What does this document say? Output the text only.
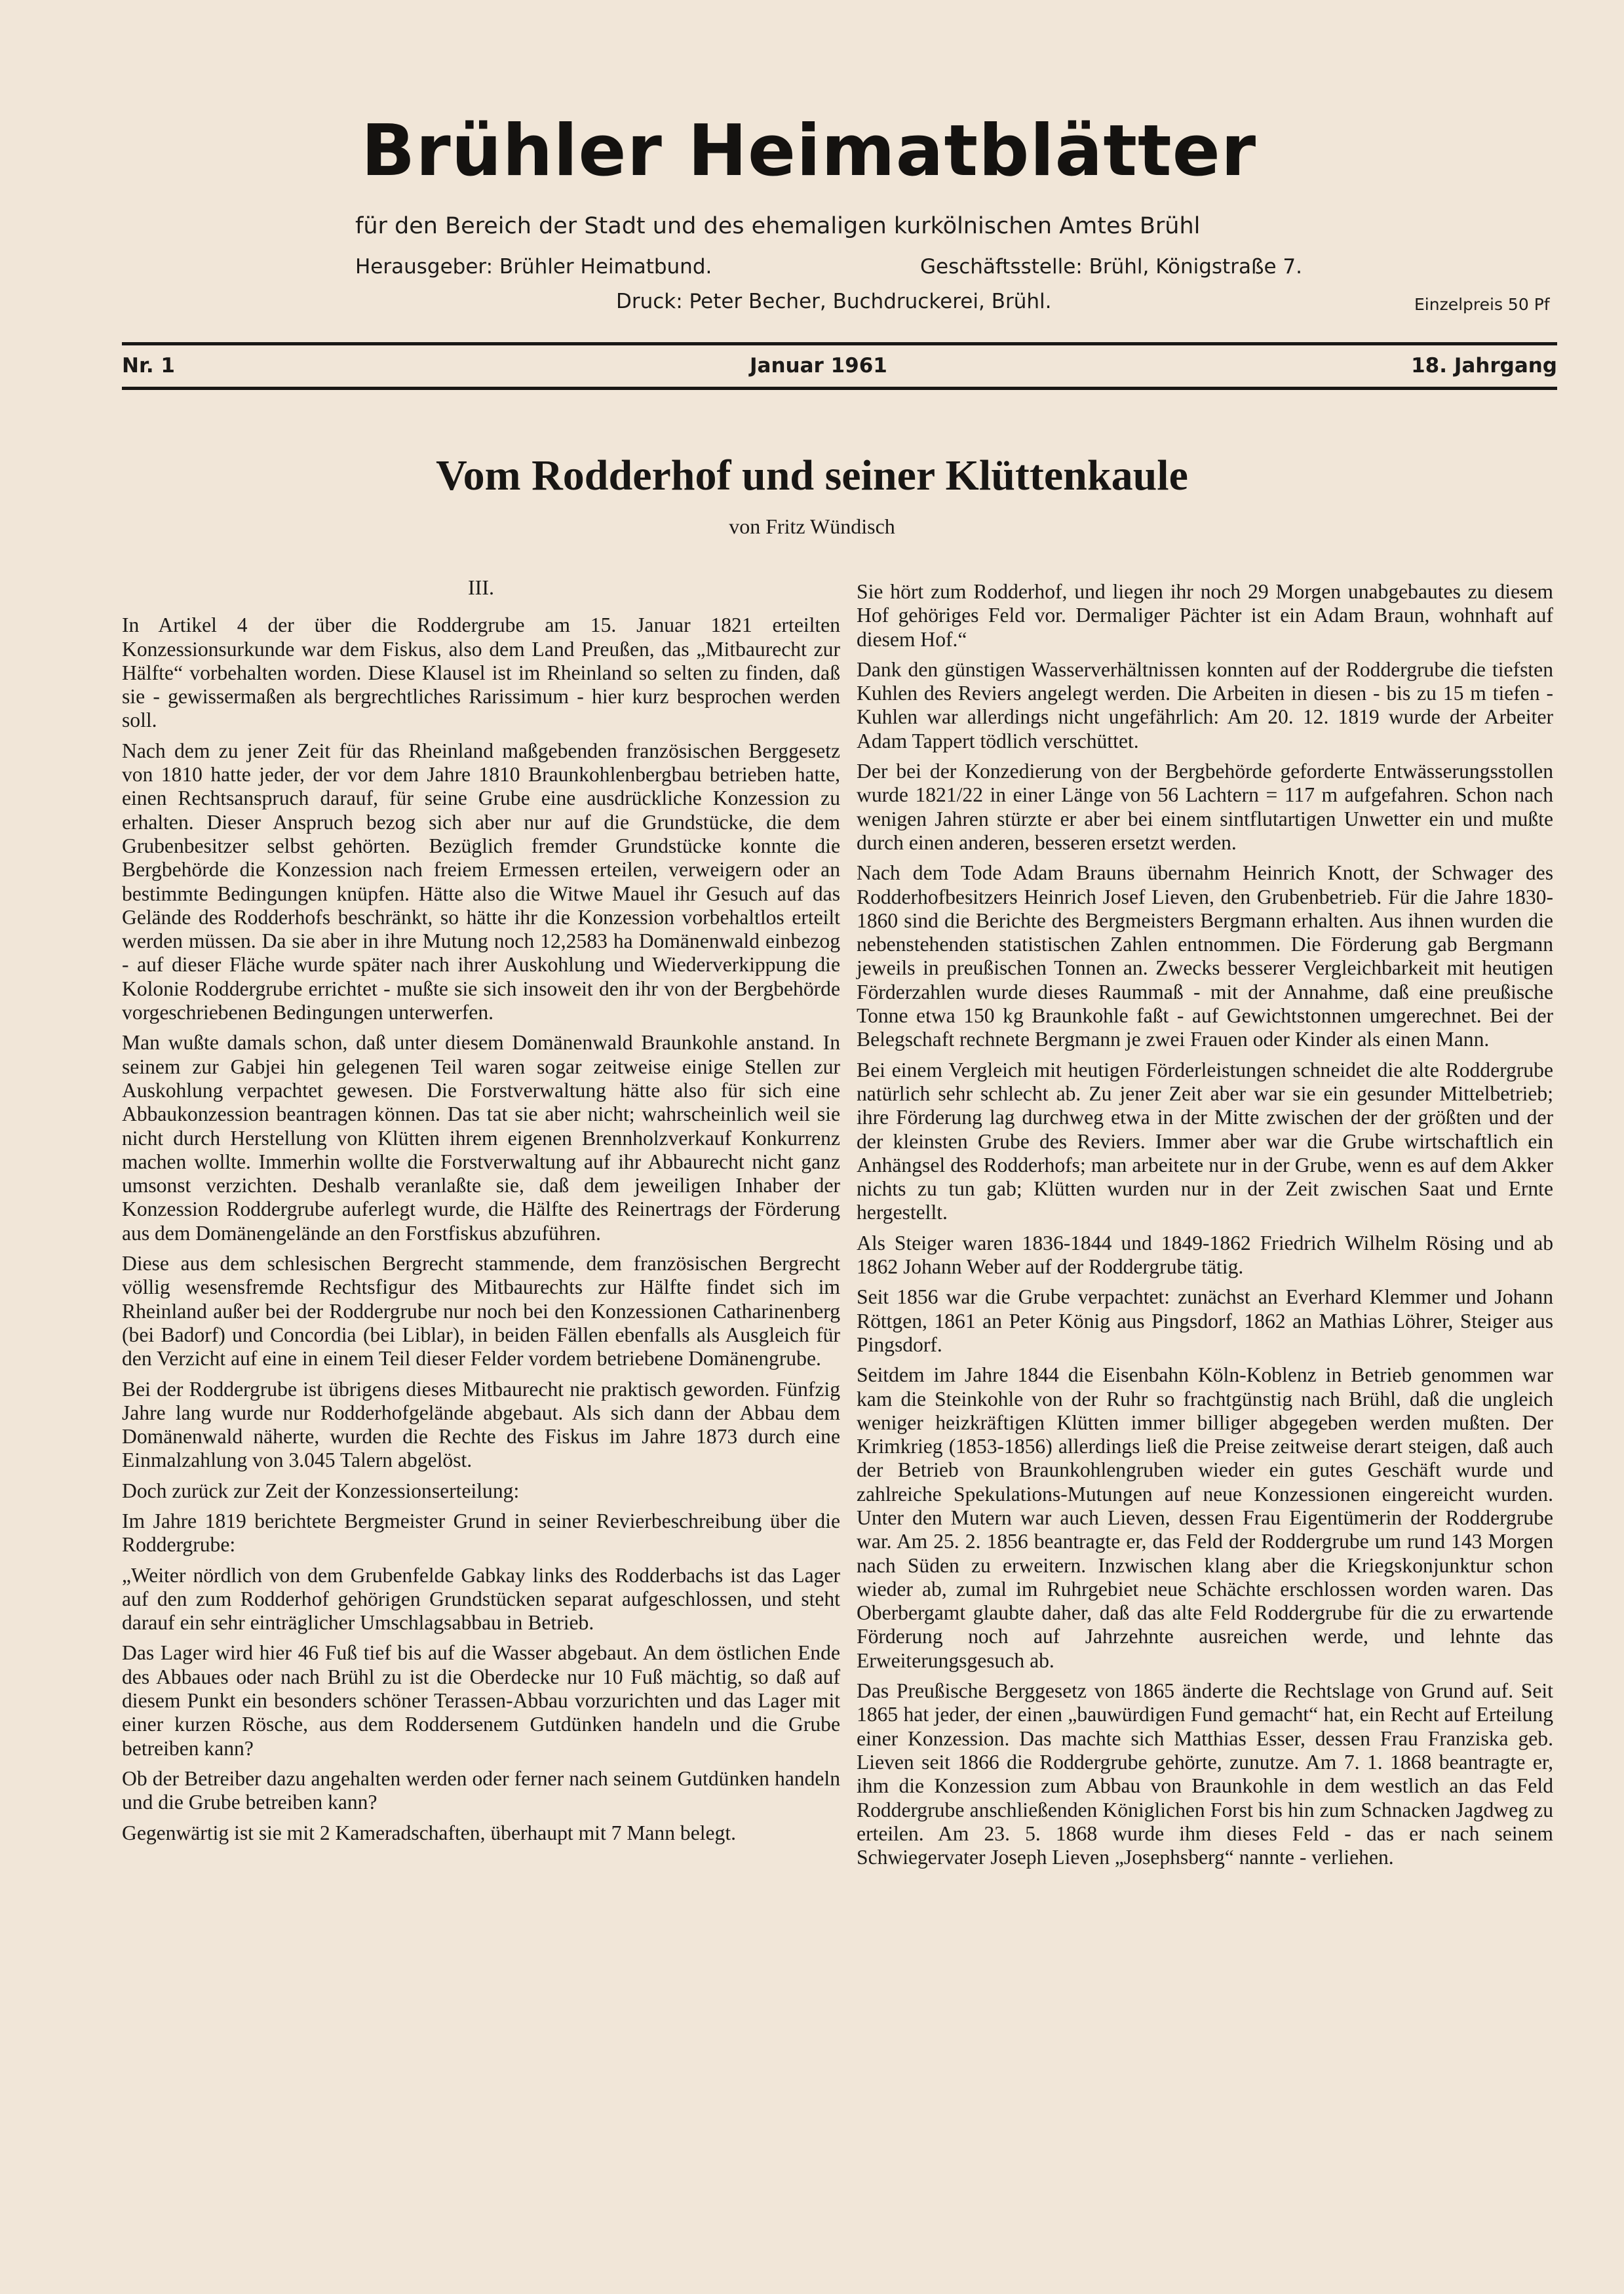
Brühler Heimatblätter
für den Bereich der Stadt und des ehemaligen kurkölnischen Amtes Brühl
Herausgeber: Brühler Heimatbund.	Geschäftsstelle: Brühl, Königstraße 7.
Druck: Peter Becher, Buchdruckerei, Brühl.	Einzelpreis 50 Pf
Nr. 1	Januar 1961	18. Jahrgang
Vom Rodderhof und seiner Klüttenkaule
von Fritz Wündisch
III.

In Artikel 4 der über die Roddergrube am 15. Januar 1821 erteilten Konzessionsurkunde war dem Fiskus, also dem Land Preußen, das „Mitbaurecht zur Hälfte“ vorbehalten worden. Diese Klausel ist im Rheinland so selten zu finden, daß sie - gewissermaßen als bergrechtliches Rarissimum - hier kurz besprochen werden soll.

Nach dem zu jener Zeit für das Rheinland maßgebenden französischen Berggesetz von 1810 hatte jeder, der vor dem Jahre 1810 Braunkohlenbergbau betrieben hatte, einen Rechtsanspruch darauf, für seine Grube eine ausdrückliche Konzession zu erhalten. Dieser Anspruch bezog sich aber nur auf die Grundstücke, die dem Grubenbesitzer selbst gehörten. Bezüglich fremder Grundstücke konnte die Bergbehörde die Konzession nach freiem Ermessen erteilen, verweigern oder an bestimmte Bedingungen knüpfen. Hätte also die Witwe Mauel ihr Gesuch auf das Gelände des Rodderhofs beschränkt, so hätte ihr die Konzession vorbehaltlos erteilt werden müssen. Da sie aber in ihre Mutung noch 12,2583 ha Domänenwald einbezog - auf dieser Fläche wurde später nach ihrer Auskohlung und Wiederverkippung die Kolonie Roddergrube errichtet - mußte sie sich insoweit den ihr von der Bergbehörde vorgeschriebenen Bedingungen unterwerfen.

Man wußte damals schon, daß unter diesem Domänenwald Braunkohle anstand. In seinem zur Gabjei hin gelegenen Teil waren sogar zeitweise einige Stellen zur Auskohlung verpachtet gewesen. Die Forstverwaltung hätte also für sich eine Abbaukonzession beantragen können. Das tat sie aber nicht; wahrscheinlich weil sie nicht durch Herstellung von Klütten ihrem eigenen Brennholzverkauf Konkurrenz machen wollte. Immerhin wollte die Forstverwaltung auf ihr Abbaurecht nicht ganz umsonst verzichten. Deshalb veranlaßte sie, daß dem jeweiligen Inhaber der Konzession Roddergrube auferlegt wurde, die Hälfte des Reinertrags der Förderung aus dem Domänengelände an den Forstfiskus abzuführen.

Diese aus dem schlesischen Bergrecht stammende, dem französischen Bergrecht völlig wesensfremde Rechtsfigur des Mitbaurechts zur Hälfte findet sich im Rheinland außer bei der Roddergrube nur noch bei den Konzessionen Catharinenberg (bei Badorf) und Concordia (bei Liblar), in beiden Fällen ebenfalls als Ausgleich für den Verzicht auf eine in einem Teil dieser Felder vordem betriebene Domänengrube.

Bei der Roddergrube ist übrigens dieses Mitbaurecht nie praktisch geworden. Fünfzig Jahre lang wurde nur Rodderhofgelände abgebaut. Als sich dann der Abbau dem Domänenwald näherte, wurden die Rechte des Fiskus im Jahre 1873 durch eine Einmalzahlung von 3.045 Talern abgelöst.

Doch zurück zur Zeit der Konzessionserteilung:

Im Jahre 1819 berichtete Bergmeister Grund in seiner Revierbeschreibung über die Roddergrube:

„Weiter nördlich von dem Grubenfelde Gabkay links des Rodderbachs ist das Lager auf den zum Rodderhof gehörigen Grundstücken separat aufgeschlossen, und steht darauf ein sehr einträglicher Umschlagsabbau in Betrieb.

Das Lager wird hier 46 Fuß tief bis auf die Wasser abgebaut. An dem östlichen Ende des Abbaues oder nach Brühl zu ist die Oberdecke nur 10 Fuß mächtig, so daß auf diesem Punkt ein besonders schöner Terassen-Abbau vorzurichten und das Lager mit einer kurzen Rösche, aus dem Roddersenem Gutdünken handeln und die Grube betreiben kann?

Ob der Betreiber dazu angehalten werden oder ferner nach seinem Gutdünken handeln und die Grube betreiben kann?

Gegenwärtig ist sie mit 2 Kameradschaften, überhaupt mit 7 Mann belegt.

Sie hört zum Rodderhof, und liegen ihr noch 29 Morgen unabgebautes zu diesem Hof gehöriges Feld vor. Dermaliger Pächter ist ein Adam Braun, wohnhaft auf diesem Hof.“

Dank den günstigen Wasserverhältnissen konnten auf der Roddergrube die tiefsten Kuhlen des Reviers angelegt werden. Die Arbeiten in diesen - bis zu 15 m tiefen - Kuhlen war allerdings nicht ungefährlich: Am 20. 12. 1819 wurde der Arbeiter Adam Tappert tödlich verschüttet.

Der bei der Konzedierung von der Bergbehörde geforderte Entwässerungsstollen wurde 1821/22 in einer Länge von 56 Lachtern = 117 m aufgefahren. Schon nach wenigen Jahren stürzte er aber bei einem sintflutartigen Unwetter ein und mußte durch einen anderen, besseren ersetzt werden.

Nach dem Tode Adam Brauns übernahm Heinrich Knott, der Schwager des Rodderhofbesitzers Heinrich Josef Lieven, den Grubenbetrieb. Für die Jahre 1830-1860 sind die Berichte des Bergmeisters Bergmann erhalten. Aus ihnen wurden die nebenstehenden statistischen Zahlen entnommen. Die Förderung gab Bergmann jeweils in preußischen Tonnen an. Zwecks besserer Vergleichbarkeit mit heutigen Förderzahlen wurde dieses Raummaß - mit der Annahme, daß eine preußische Tonne etwa 150 kg Braunkohle faßt - auf Gewichtstonnen umgerechnet. Bei der Belegschaft rechnete Bergmann je zwei Frauen oder Kinder als einen Mann.

Bei einem Vergleich mit heutigen Förderleistungen schneidet die alte Roddergrube natürlich sehr schlecht ab. Zu jener Zeit aber war sie ein gesunder Mittelbetrieb; ihre Förderung lag durchweg etwa in der Mitte zwischen der der größten und der der kleinsten Grube des Reviers. Immer aber war die Grube wirtschaftlich ein Anhängsel des Rodderhofs; man arbeitete nur in der Grube, wenn es auf dem Akker nichts zu tun gab; Klütten wurden nur in der Zeit zwischen Saat und Ernte hergestellt.

Als Steiger waren 1836-1844 und 1849-1862 Friedrich Wilhelm Rösing und ab 1862 Johann Weber auf der Roddergrube tätig.

Seit 1856 war die Grube verpachtet: zunächst an Everhard Klemmer und Johann Röttgen, 1861 an Peter König aus Pingsdorf, 1862 an Mathias Löhrer, Steiger aus Pingsdorf.

Seitdem im Jahre 1844 die Eisenbahn Köln-Koblenz in Betrieb genommen war kam die Steinkohle von der Ruhr so frachtgünstig nach Brühl, daß die ungleich weniger heizkräftigen Klütten immer billiger abgegeben werden mußten. Der Krimkrieg (1853-1856) allerdings ließ die Preise zeitweise derart steigen, daß auch der Betrieb von Braunkohlengruben wieder ein gutes Geschäft wurde und zahlreiche Spekulations-Mutungen auf neue Konzessionen eingereicht wurden. Unter den Mutern war auch Lieven, dessen Frau Eigentümerin der Roddergrube war. Am 25. 2. 1856 beantragte er, das Feld der Roddergrube um rund 143 Morgen nach Süden zu erweitern. Inzwischen klang aber die Kriegskonjunktur schon wieder ab, zumal im Ruhrgebiet neue Schächte erschlossen worden waren. Das Oberbergamt glaubte daher, daß das alte Feld Roddergrube für die zu erwartende Förderung noch auf Jahrzehnte ausreichen werde, und lehnte das Erweiterungsgesuch ab.

Das Preußische Berggesetz von 1865 änderte die Rechtslage von Grund auf. Seit 1865 hat jeder, der einen „bauwürdigen Fund gemacht“ hat, ein Recht auf Erteilung einer Konzession. Das machte sich Matthias Esser, dessen Frau Franziska geb. Lieven seit 1866 die Roddergrube gehörte, zunutze. Am 7. 1. 1868 beantragte er, ihm die Konzession zum Abbau von Braunkohle in dem westlich an das Feld Roddergrube anschließenden Königlichen Forst bis hin zum Schnacken Jagdweg zu erteilen. Am 23. 5. 1868 wurde ihm dieses Feld - das er nach seinem Schwiegervater Joseph Lieven „Josephsberg“ nannte - verliehen.
